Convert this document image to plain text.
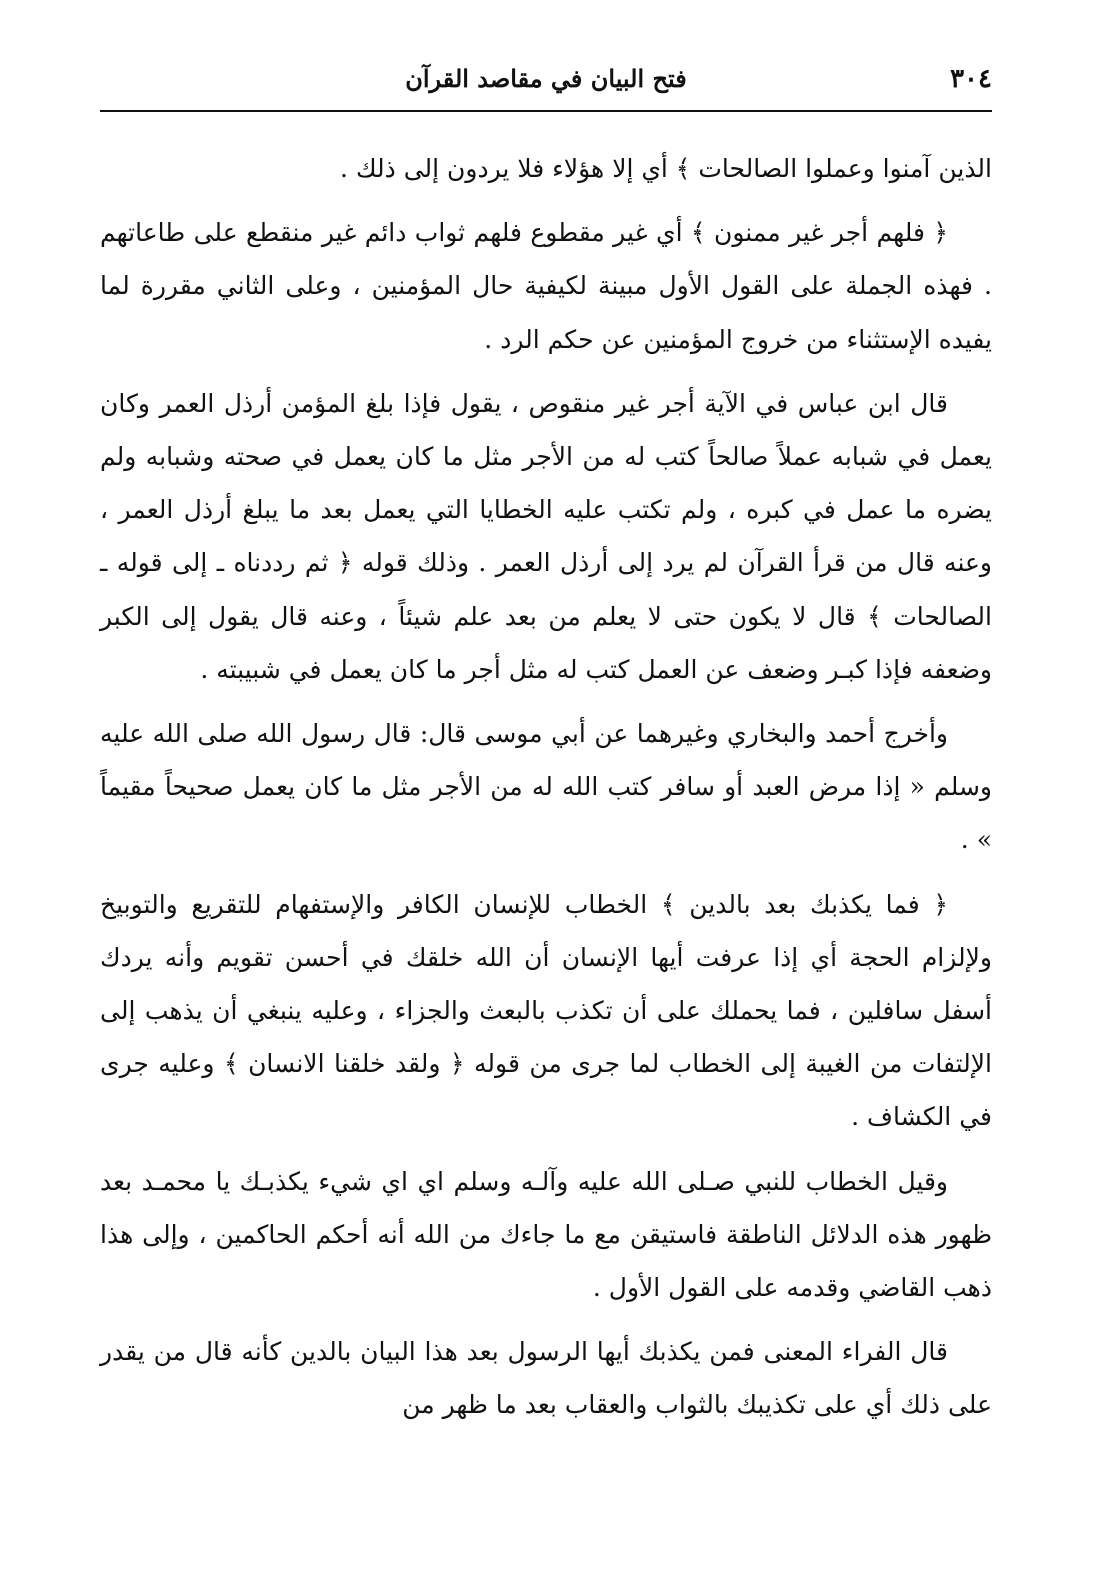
٣٠٤
فتح البيان في مقاصد القرآن

الذين آمنوا وعملوا الصالحات ﴾ أي إلا هؤلاء فلا يردون إلى ذلك .

﴿ فلهم أجر غير ممنون ﴾ أي غير مقطوع فلهم ثواب دائم غير منقطع على طاعاتهم . فهذه الجملة على القول الأول مبينة لكيفية حال المؤمنين ، وعلى الثاني مقررة لما يفيده الإستثناء من خروج المؤمنين عن حكم الرد .

قال ابن عباس في الآية أجر غير منقوص ، يقول فإذا بلغ المؤمن أرذل العمر وكان يعمل في شبابه عملاً صالحاً كتب له من الأجر مثل ما كان يعمل في صحته وشبابه ولم يضره ما عمل في كبره ، ولم تكتب عليه الخطايا التي يعمل بعد ما يبلغ أرذل العمر ، وعنه قال من قرأ القرآن لم يرد إلى أرذل العمر . وذلك قوله ﴿ ثم رددناه ـ إلى قوله ـ الصالحات ﴾ قال لا يكون حتى لا يعلم من بعد علم شيئاً ، وعنه قال يقول إلى الكبر وضعفه فإذا كبـر وضعف عن العمل كتب له مثل أجر ما كان يعمل في شبيبته .

وأخرج أحمد والبخاري وغيرهما عن أبي موسى قال: قال رسول الله صلى الله عليه وسلم « إذا مرض العبد أو سافر كتب الله له من الأجر مثل ما كان يعمل صحيحاً مقيماً » .

﴿ فما يكذبك بعد بالدين ﴾ الخطاب للإنسان الكافر والإستفهام للتقريع والتوبيخ ولإلزام الحجة أي إذا عرفت أيها الإنسان أن الله خلقك في أحسن تقويم وأنه يردك أسفل سافلين ، فما يحملك على أن تكذب بالبعث والجزاء ، وعليه ينبغي أن يذهب إلى الإلتفات من الغيبة إلى الخطاب لما جرى من قوله ﴿ ولقد خلقنا الانسان ﴾ وعليه جرى في الكشاف .

وقيل الخطاب للنبي صـلى الله عليه وآلـه وسلم اي اي شيء يكذبـك يا محمـد بعد ظهور هذه الدلائل الناطقة فاستيقن مع ما جاءك من الله أنه أحكم الحاكمين ، وإلى هذا ذهب القاضي وقدمه على القول الأول .

قال الفراء المعنى فمن يكذبك أيها الرسول بعد هذا البيان بالدين كأنه قال من يقدر على ذلك أي على تكذيبك بالثواب والعقاب بعد ما ظهر من
